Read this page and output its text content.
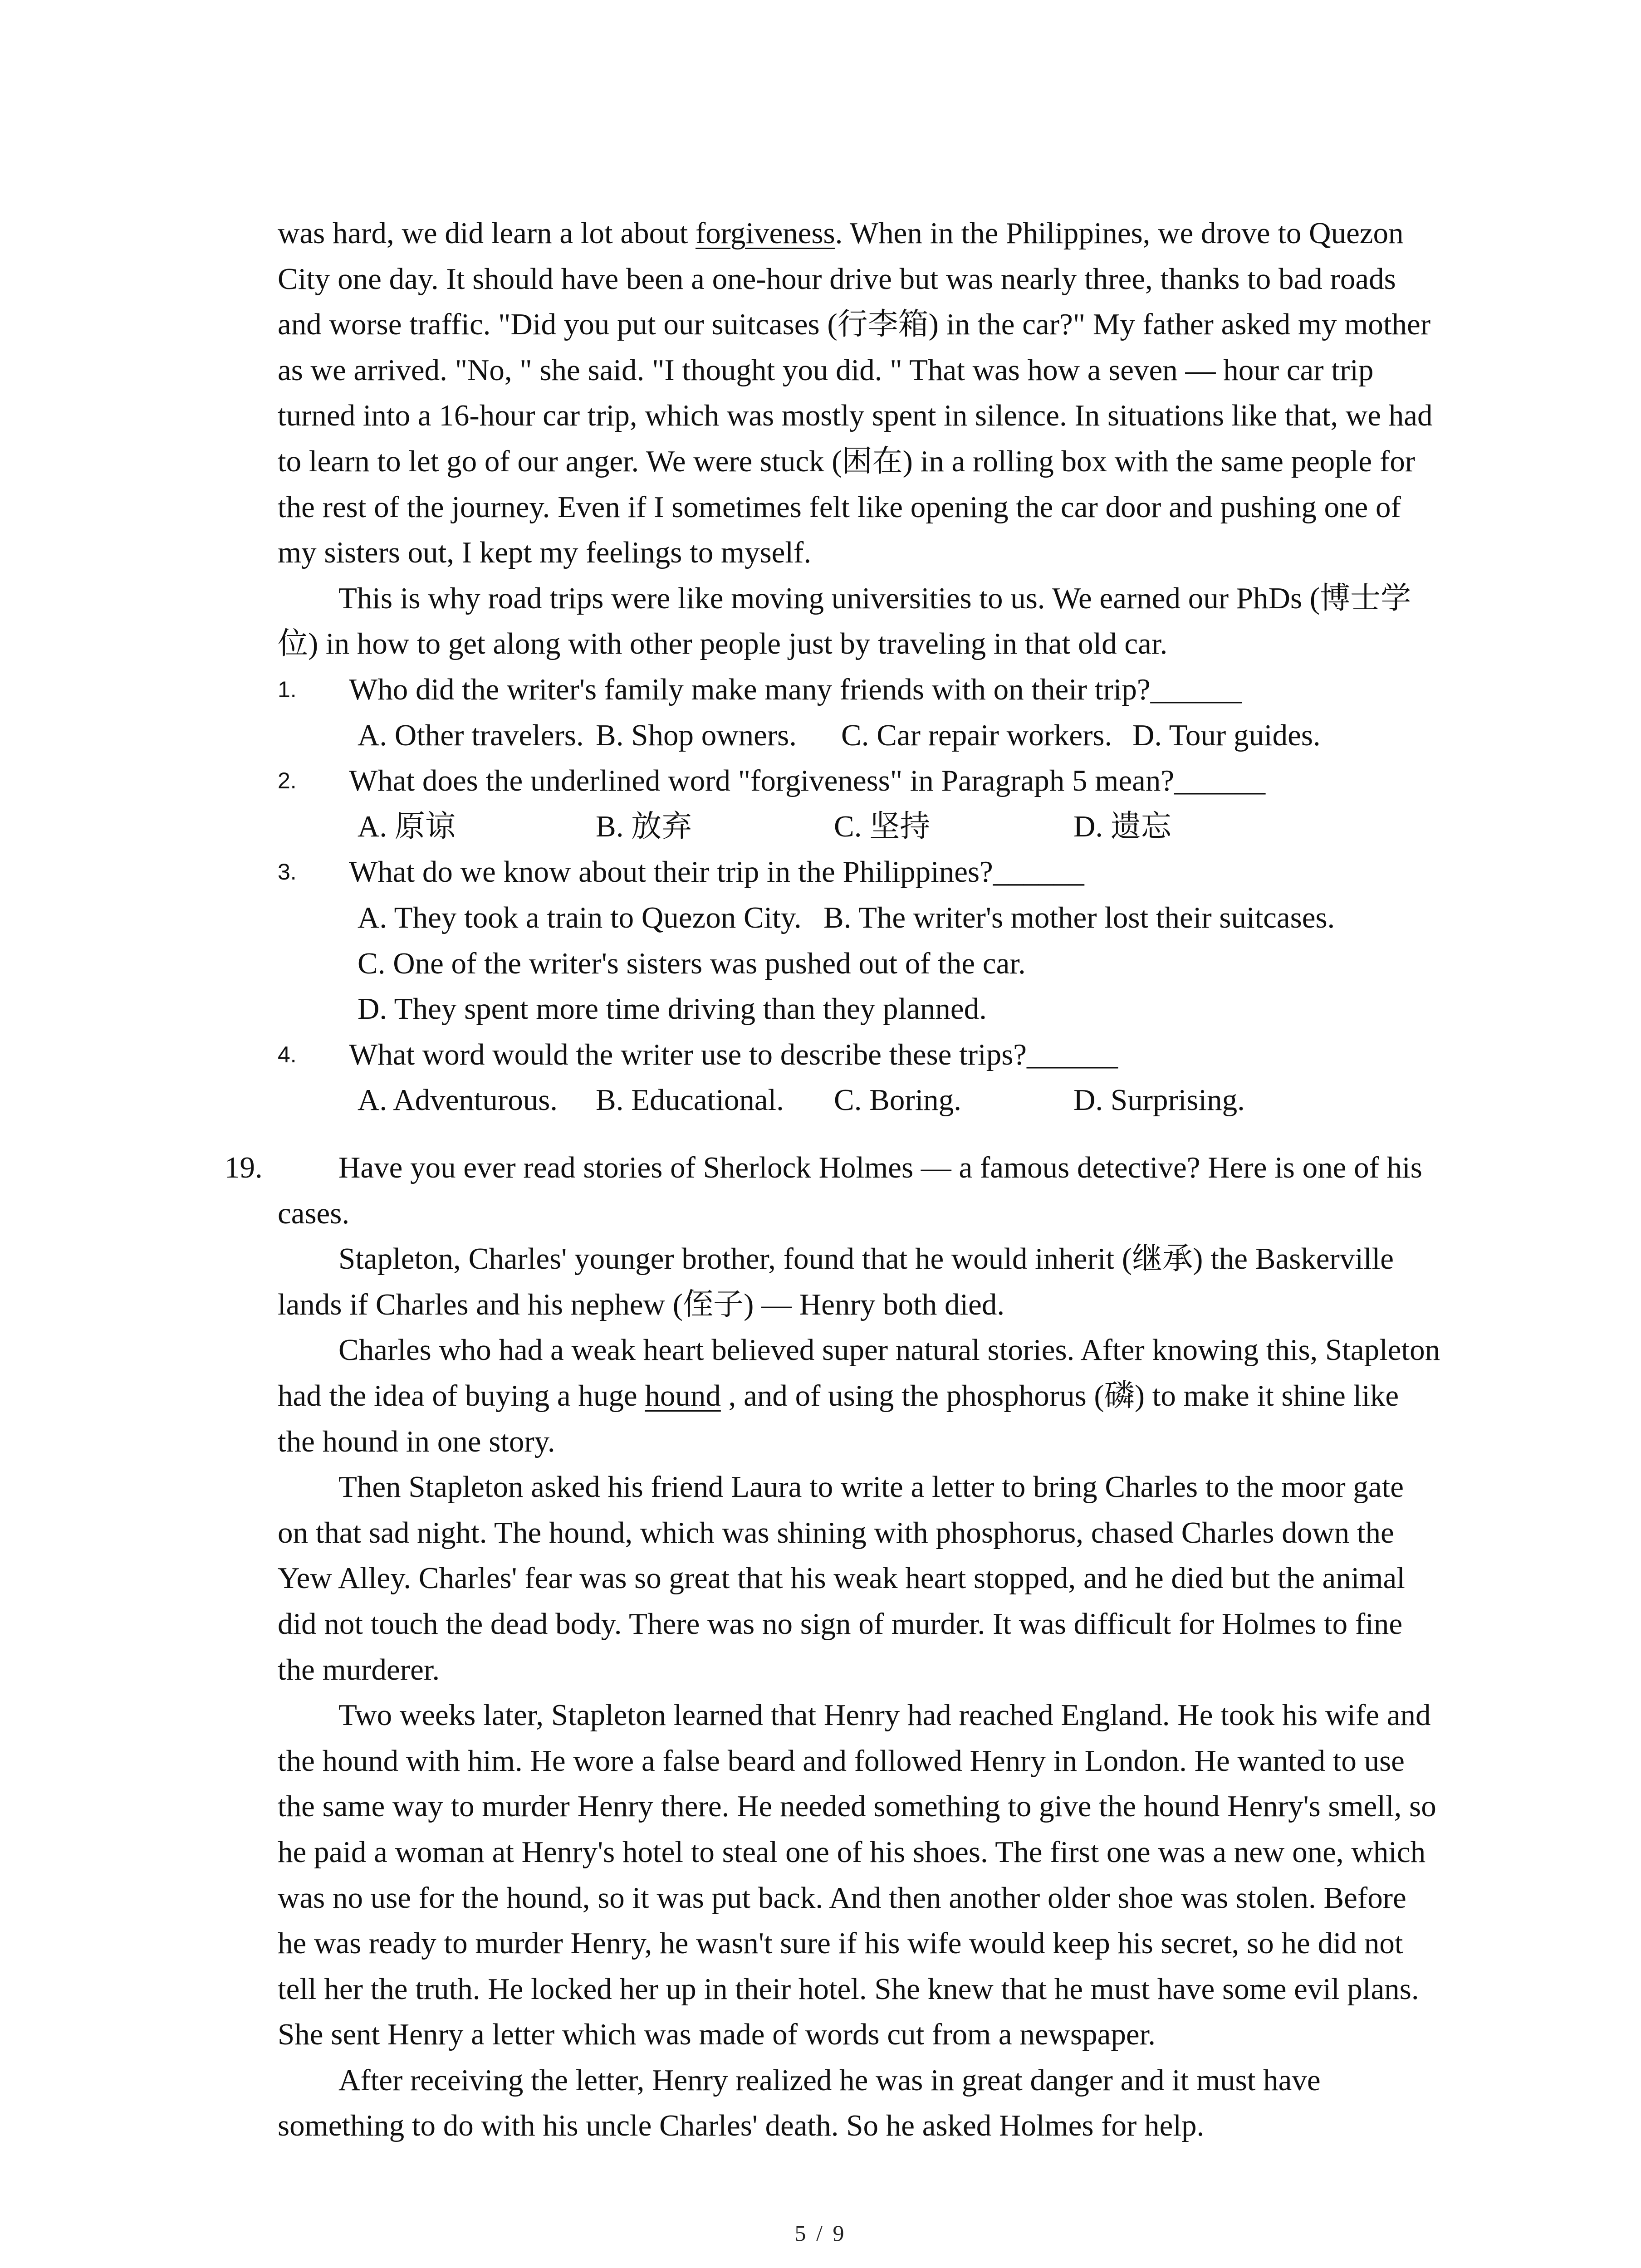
was hard, we did learn a lot about forgiveness. When in the Philippines, we drove to Quezon
City one day. It should have been a one-hour drive but was nearly three, thanks to bad roads
and worse traffic. "Did you put our suitcases (行李箱) in the car?" My father asked my mother
as we arrived. "No, " she said. "I thought you did. " That was how a seven — hour car trip
turned into a 16-hour car trip, which was mostly spent in silence. In situations like that, we had
to learn to let go of our anger. We were stuck (困在) in a rolling box with the same people for
the rest of the journey. Even if I sometimes felt like opening the car door and pushing one of
my sisters out, I kept my feelings to myself.
This is why road trips were like moving universities to us. We earned our PhDs (博士学
位) in how to get along with other people just by traveling in that old car.
1. Who did the writer's family make many friends with on their trip?______
A. Other travelers. B. Shop owners. C. Car repair workers. D. Tour guides.
2. What does the underlined word "forgiveness" in Paragraph 5 mean?______
A. 原谅	B. 放弃	C. 坚持	D. 遗忘
3. What do we know about their trip in the Philippines?______
A. They took a train to Quezon City. B. The writer's mother lost their suitcases.
C. One of the writer's sisters was pushed out of the car.
D. They spent more time driving than they planned.
4. What word would the writer use to describe these trips?______
A. Adventurous. B. Educational. C. Boring.	D. Surprising.
19. Have you ever read stories of Sherlock Holmes — a famous detective? Here is one of his
cases.
Stapleton, Charles' younger brother, found that he would inherit (继承) the Baskerville
lands if Charles and his nephew (侄子) — Henry both died.
Charles who had a weak heart believed super natural stories. After knowing this, Stapleton
had the idea of buying a huge hound , and of using the phosphorus (磷) to make it shine like
the hound in one story.
Then Stapleton asked his friend Laura to write a letter to bring Charles to the moor gate
on that sad night. The hound, which was shining with phosphorus, chased Charles down the
Yew Alley. Charles' fear was so great that his weak heart stopped, and he died but the animal
did not touch the dead body. There was no sign of murder. It was difficult for Holmes to fine
the murderer.
Two weeks later, Stapleton learned that Henry had reached England. He took his wife and
the hound with him. He wore a false beard and followed Henry in London. He wanted to use
the same way to murder Henry there. He needed something to give the hound Henry's smell, so
he paid a woman at Henry's hotel to steal one of his shoes. The first one was a new one, which
was no use for the hound, so it was put back. And then another older shoe was stolen. Before
he was ready to murder Henry, he wasn't sure if his wife would keep his secret, so he did not
tell her the truth. He locked her up in their hotel. She knew that he must have some evil plans.
She sent Henry a letter which was made of words cut from a newspaper.
After receiving the letter, Henry realized he was in great danger and it must have
something to do with his uncle Charles' death. So he asked Holmes for help.
5 / 9
